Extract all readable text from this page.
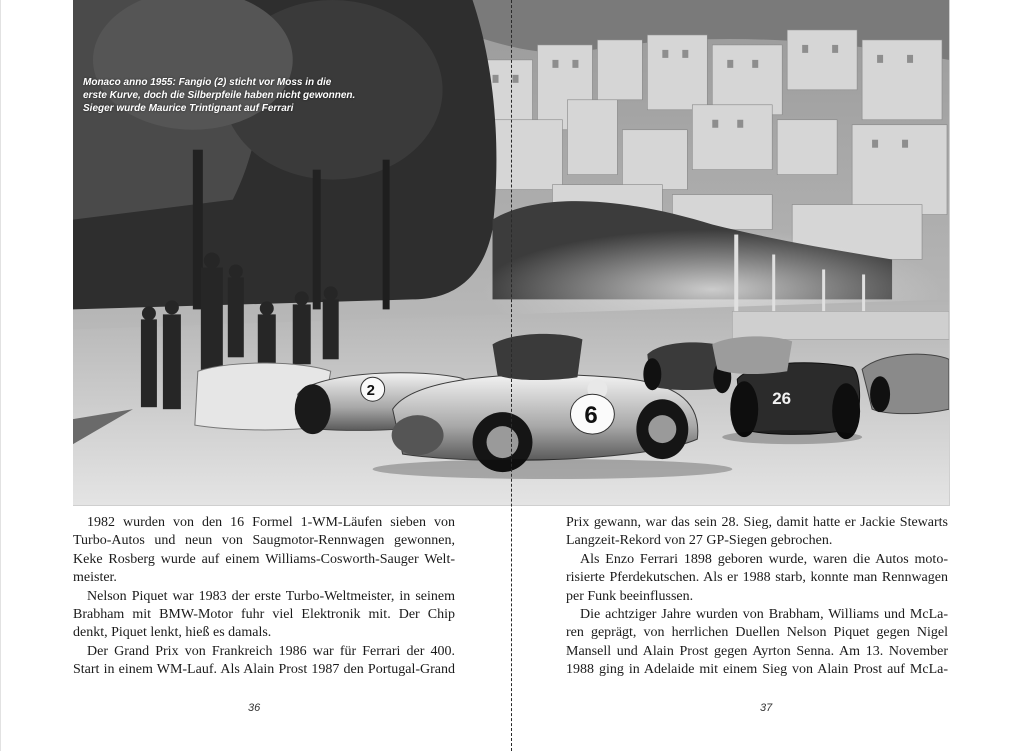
2
6
26

Monaco anno 1955: Fangio (2) sticht vor Moss in die
erste Kurve, doch die Silberpfeile haben nicht gewonnen.
Sieger wurde Maurice Trintignant auf Ferrari

1982 wurden von den 16 Formel 1-WM-Läufen sieben von
Turbo-Autos und neun von Saugmotor-Rennwagen gewonnen,
Keke Rosberg wurde auf einem Williams-Cosworth-Sauger Welt-
meister.
Nelson Piquet war 1983 der erste Turbo-Weltmeister, in seinem
Brabham mit BMW-Motor fuhr viel Elektronik mit. Der Chip
denkt, Piquet lenkt, hieß es damals.
Der Grand Prix von Frankreich 1986 war für Ferrari der 400.
Start in einem WM-Lauf. Als Alain Prost 1987 den Portugal-Grand
Prix gewann, war das sein 28. Sieg, damit hatte er Jackie Stewarts
Langzeit-Rekord von 27 GP-Siegen gebrochen.
Als Enzo Ferrari 1898 geboren wurde, waren die Autos moto-
risierte Pferdekutschen. Als er 1988 starb, konnte man Rennwagen
per Funk beeinflussen.
Die achtziger Jahre wurden von Brabham, Williams und McLa-
ren geprägt, von herrlichen Duellen Nelson Piquet gegen Nigel
Mansell und Alain Prost gegen Ayrton Senna. Am 13. November
1988 ging in Adelaide mit einem Sieg von Alain Prost auf McLa-
36	37
